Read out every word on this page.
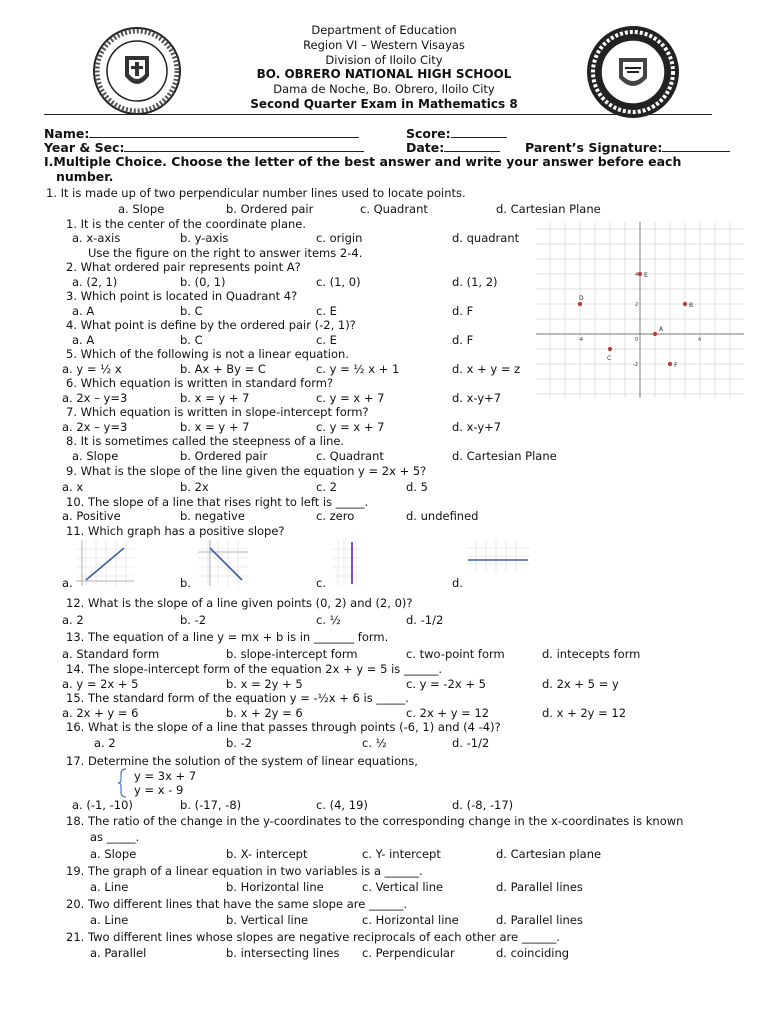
Department of Education
Region VI – Western Visayas
Division of Iloilo City
BO. OBRERO NATIONAL HIGH SCHOOL
Dama de Noche, Bo. Obrero, Iloilo City
Second Quarter Exam in Mathematics 8
Name:	Score:
Year & Sec:	Date:	Parent’s Signature:
I.Multiple Choice. Choose the letter of the best answer and write your answer before each
number.
1. It is made up of two perpendicular number lines used to locate points.
a. Slope	b. Ordered pair	c. Quadrant	d. Cartesian Plane
1. It is the center of the coordinate plane.
a. x-axis	b. y-axis	c. origin	d. quadrant
Use the figure on the right to answer items 2-4.
2. What ordered pair represents point A?
a. (2, 1)	b. (0, 1)	c. (1, 0)	d. (1, 2)
3. Which point is located in Quadrant 4?
a. A	b. C	c. E	d. F
4. What point is define by the ordered pair (-2, 1)?
a. A	b. C	c. E	d. F
5. Which of the following is not a linear equation.
a. y = ½ x	b. Ax + By = C	c. y = ½ x + 1	d. x + y = z
6. Which equation is written in standard form?
a. 2x – y=3	b. x = y + 7	c. y = x + 7	d. x-y+7
7. Which equation is written in slope-intercept form?
a. 2x – y=3	b. x = y + 7	c. y = x + 7	d. x-y+7
8. It is sometimes called the steepness of a line.
a. Slope	b. Ordered pair	c. Quadrant	d. Cartesian Plane
9. What is the slope of the line given the equation y = 2x + 5?
a. x	b. 2x	c. 2	d. 5
10. The slope of a line that rises right to left is _____.
a. Positive	b. negative	c. zero	d. undefined
11. Which graph has a positive slope?
a.	b.	c.	d.
12. What is the slope of a line given points (0, 2) and (2, 0)?
a. 2	b. -2	c. ½	d. -1/2
13. The equation of a line y = mx + b is in _______ form.
a. Standard form	b. slope-intercept form	c. two-point form	d. intecepts form
14. The slope-intercept form of the equation 2x + y = 5 is ______.
a. y = 2x + 5	b. x = 2y + 5	c. y = -2x + 5	d. 2x + 5 = y
15. The standard form of the equation y = -½x + 6 is _____.
a. 2x + y = 6	b. x + 2y = 6	c. 2x + y = 12	d. x + 2y = 12
16. What is the slope of a line that passes through points (-6, 1) and (4 -4)?
a. 2	b. -2	c. ½	d. -1/2
17. Determine the solution of the system of linear equations,
y = 3x + 7
y = x - 9
a. (-1, -10)	b. (-17, -8)	c. (4, 19)	d. (-8, -17)
18. The ratio of the change in the y-coordinates to the corresponding change in the x-coordinates is known
as _____.
a. Slope	b. X- intercept	c. Y- intercept	d. Cartesian plane
19. The graph of a linear equation in two variables is a ______.
a. Line	b. Horizontal line	c. Vertical line	d. Parallel lines
20. Two different lines that have the same slope are ______.
a. Line	b. Vertical line	c. Horizontal line	d. Parallel lines
21. Two different lines whose slopes are negative reciprocals of each other are ______.
a. Parallel	b. intersecting lines c. Perpendicular	d. coinciding
-4	4
0
4
2
-2
A
B
C
D
E
F
